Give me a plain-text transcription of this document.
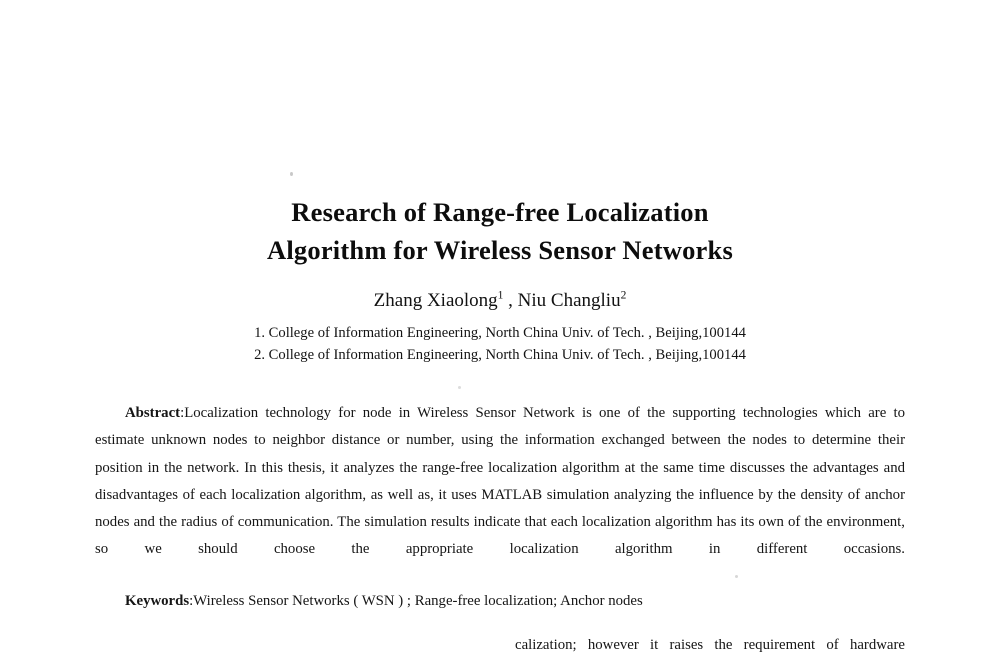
Research of Range-free Localization
Algorithm for Wireless Sensor Networks
Zhang Xiaolong$^1$ , Niu Changliu$^2$
1. College of Information Engineering, North China Univ. of Tech. , Beijing,100144
2. College of Information Engineering, North China Univ. of Tech. , Beijing,100144
Abstract:Localization technology for node in Wireless Sensor Network is one of the supporting technologies which are to estimate unknown nodes to neighbor distance or number, using the information exchanged between the nodes to determine their position in the network. In this thesis, it analyzes the range-free localization algorithm at the same time discusses the advantages and disadvantages of each localization algorithm, as well as, it uses MATLAB simulation analyzing the influence by the density of anchor nodes and the radius of communication. The simulation results indicate that each localization algorithm has its own of the environment, so we should choose the appropriate localization algorithm in different occasions.
Keywords:Wireless Sensor Networks ( WSN ) ; Range-free localization; Anchor nodes
calization; however it raises the requirement of hardware
